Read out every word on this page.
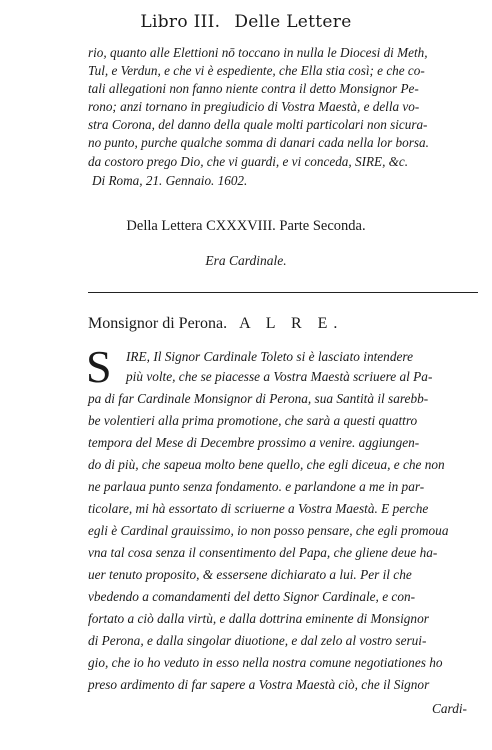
Libro III. Delle Lettere
rio, quanto alle Elettioni nō toccano in nulla le Diocesi di Meth,
Tul, e Verdun, e che vi è espediente, che Ella stia così; e che co-
tali allegationi non fanno niente contra il detto Monsignor Pe-
rono; anzi tornano in pregiudicio di Vostra Maestà, e della vo-
stra Corona, del danno della quale molti particolari non sicura-
no punto, purche qualche somma di danari cada nella lor borsa.
da costoro prego Dio, che vi guardi, e vi conceda, SIRE, &c.
Di Roma, 21. Gennaio. 1602.
Della Lettera CXXXVIII. Parte Seconda.
Era Cardinale.
Monsignor di Perona. A L R E.
S IRE, Il Signor Cardinale Toleto si è lasciato intendere
più volte, che se piacesse a Vostra Maestà scriuere al Pa-
pa di far Cardinale Monsignor di Perona, sua Santità il sarebb-
be volentieri alla prima promotione, che sarà a questi quattro
tempora del Mese di Decembre prossimo a venire. aggiungen-
do di più, che sapeua molto bene quello, che egli diceua, e che non
ne parlaua punto senza fondamento. e parlandone a me in par-
ticolare, mi hà essortato di scriuerne a Vostra Maestà. E perche
egli è Cardinal grauissimo, io non posso pensare, che egli promoua
vna tal cosa senza il consentimento del Papa, che gliene deue ha-
uer tenuto proposito, & essersene dichiarato a lui. Per il che
vbedendo a comandamenti del detto Signor Cardinale, e con-
fortato a ciò dalla virtù, e dalla dottrina eminente di Monsignor
di Perona, e dalla singolar diuotione, e dal zelo al vostro serui-
gio, che io ho veduto in esso nella nostra comune negotiationes ho
preso ardimento di far sapere a Vostra Maestà ciò, che il Signor
Cardi-
